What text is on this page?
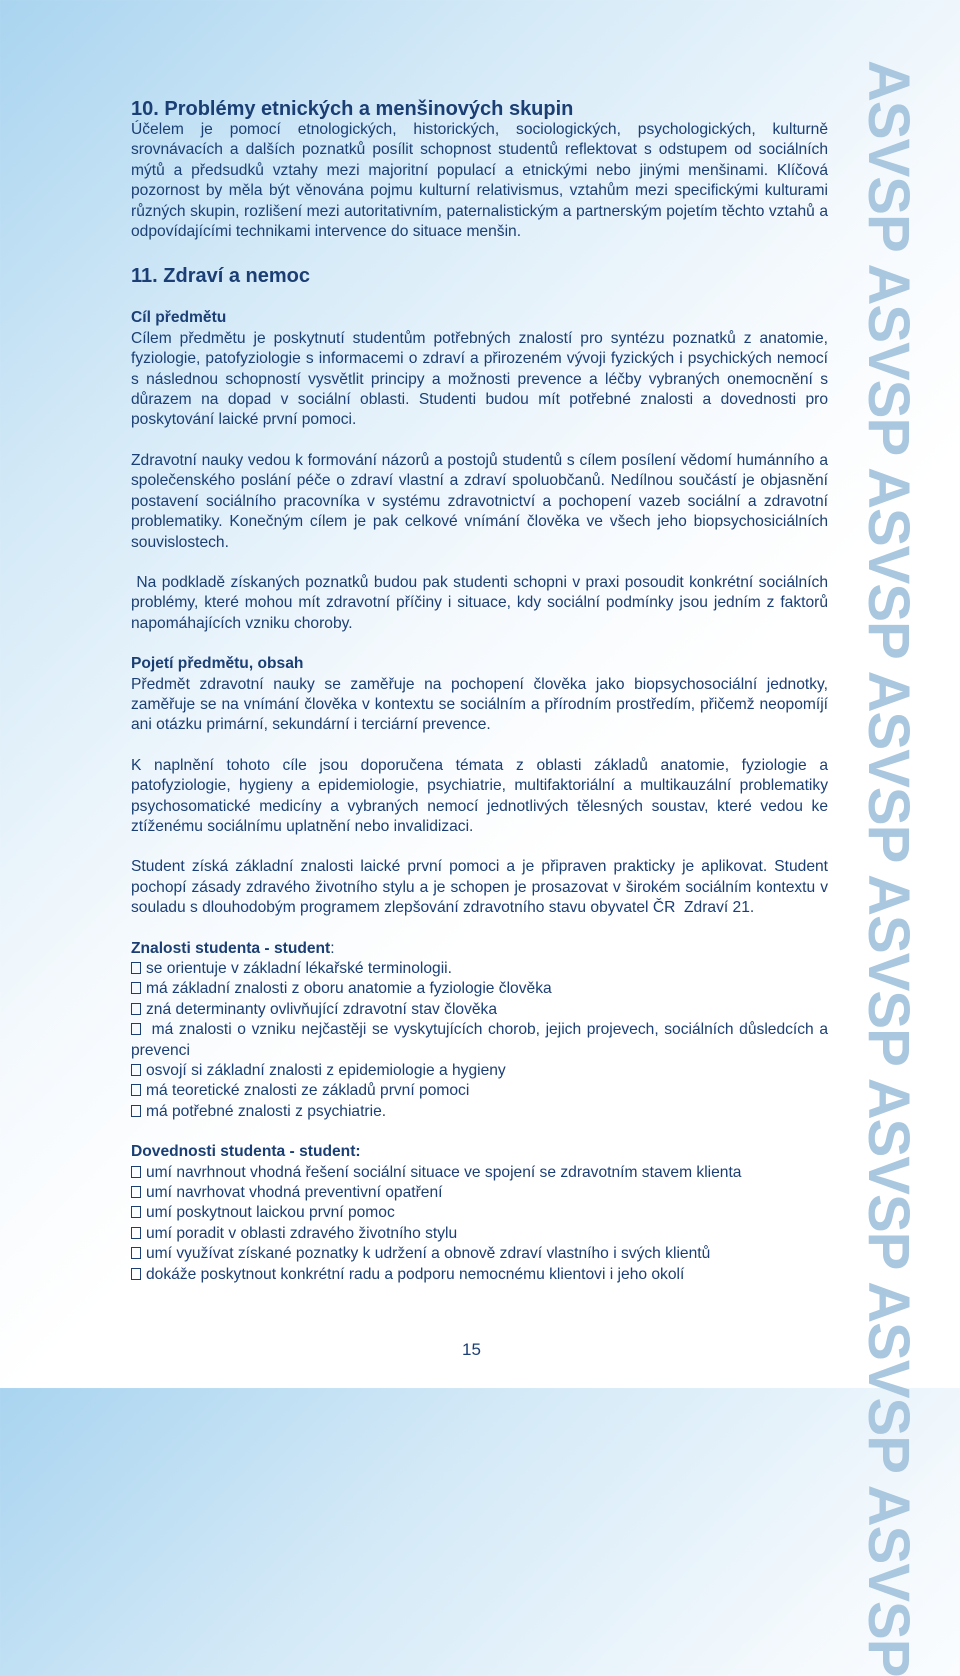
10. Problémy etnických a menšinových skupin

Účelem je pomocí etnologických, historických, sociologických, psychologických, kulturně srovnávacích a dalších poznatků posílit schopnost studentů reflektovat s odstupem od sociálních mýtů a předsudků vztahy mezi majoritní populací a etnickými nebo jinými menšinami. Klíčová pozornost by měla být věnována pojmu kulturní relativismus, vztahům mezi specifickými kulturami různých skupin, rozlišení mezi autoritativním, paternalistickým a partnerským pojetím těchto vztahů a odpovídajícími technikami intervence do situace menšin.

11. Zdraví a nemoc

Cíl předmětu

Cílem předmětu je poskytnutí studentům potřebných znalostí pro syntézu poznatků z anatomie, fyziologie, patofyziologie s informacemi o zdraví a přirozeném vývoji fyzických i psychických nemocí s následnou schopností vysvětlit principy a možnosti prevence a léčby vybraných onemocnění s důrazem na dopad v sociální oblasti. Studenti budou mít potřebné znalosti a dovednosti pro poskytování laické první pomoci.

Zdravotní nauky vedou k formování názorů a postojů studentů s cílem posílení vědomí humánního a společenského poslání péče o zdraví vlastní a zdraví spoluobčanů. Nedílnou součástí je objasnění postavení sociálního pracovníka v systému zdravotnictví a pochopení vazeb sociální a zdravotní problematiky. Konečným cílem je pak celkové vnímání člověka ve všech jeho biopsychosiciálních souvislostech.

Na podkladě získaných poznatků budou pak studenti schopni v praxi posoudit konkrétní sociálních problémy, které mohou mít zdravotní příčiny i situace, kdy sociální podmínky jsou jedním z faktorů napomáhajících vzniku choroby.

Pojetí předmětu, obsah

Předmět zdravotní nauky se zaměřuje na pochopení člověka jako biopsychosociální jednotky, zaměřuje se na vnímání člověka v kontextu se sociálním a přírodním prostředím, přičemž neopomíjí ani otázku primární, sekundární i terciární prevence.

K naplnění tohoto cíle jsou doporučena témata z oblasti základů anatomie, fyziologie a patofyziologie, hygieny a epidemiologie, psychiatrie, multifaktoriální a multikauzální problematiky psychosomatické medicíny a vybraných nemocí jednotlivých tělesných soustav, které vedou ke ztíženému sociálnímu uplatnění nebo invalidizaci.

Student získá základní znalosti laické první pomoci a je připraven prakticky je aplikovat. Student pochopí zásady zdravého životního stylu a je schopen je prosazovat v širokém sociálním kontextu v souladu s dlouhodobým programem zlepšování zdravotního stavu obyvatel ČR  Zdraví 21.

Znalosti studenta - student:

se orientuje v základní lékařské terminologii.
má základní znalosti z oboru anatomie a fyziologie člověka
zná determinanty ovlivňující zdravotní stav člověka
má znalosti o vzniku nejčastěji se vyskytujících chorob, jejich projevech, sociálních důsledcích a prevenci
osvojí si základní znalosti z epidemiologie a hygieny
má teoretické znalosti ze základů první pomoci
má potřebné znalosti z psychiatrie.

Dovednosti studenta - student:

umí navrhnout vhodná řešení sociální situace ve spojení se zdravotním stavem klienta
umí navrhovat vhodná preventivní opatření
umí poskytnout laickou první pomoc
umí poradit v oblasti zdravého životního stylu
umí využívat získané poznatky k udržení a obnově zdraví vlastního i svých klientů
dokáže poskytnout konkrétní radu a podporu nemocnému klientovi i jeho okolí
15	ASVSP ASVSP ASVSP ASVSP ASVSP ASVSP ASVSP ASVSP
